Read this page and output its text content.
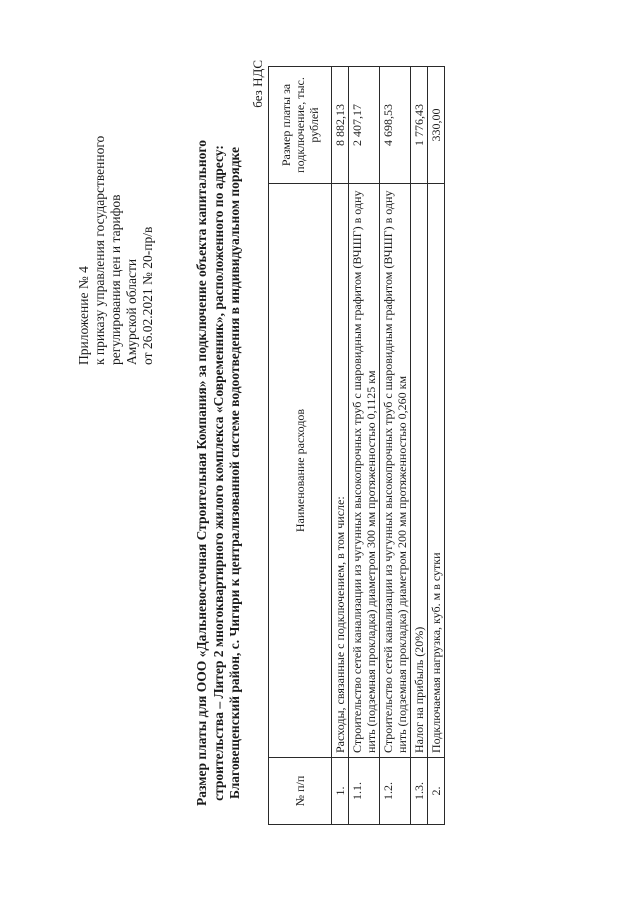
Приложение № 4 к приказу управления государственного регулирования цен и тарифов Амурской области от 26.02.2021 № 20-пр/в	Размер платы для ООО «Дальневосточная Строительная Компания» за подключение объекта капитального строительства – Литер 2 многоквартирного жилого комплекса «Современник», расположенного по адресу: Благовещенский район, с. Чигири к централизованной системе водоотведения в индивидуальном порядке
без НДС
№ п/п	Наименование расходов	Размер платы за подключение, тыс. рублей
1.	Расходы, связанные с подключением, в том числе:	8 882,13
1.1.	Строительство сетей канализации из чугунных высокопрочных труб с шаровидным графитом (ВЧШГ) в одну нить (подземная прокладка) диаметром 300 мм протяженностью 0,1125 км	2 407,17
1.2.	Строительство сетей канализации из чугунных высокопрочных труб с шаровидным графитом (ВЧШГ) в одну нить (подземная прокладка) диаметром 200 мм протяженностью 0,260 км	4 698,53
1.3.	Налог на прибыль (20%)	1 776,43
2.	Подключаемая нагрузка, куб. м в сутки	330,00
